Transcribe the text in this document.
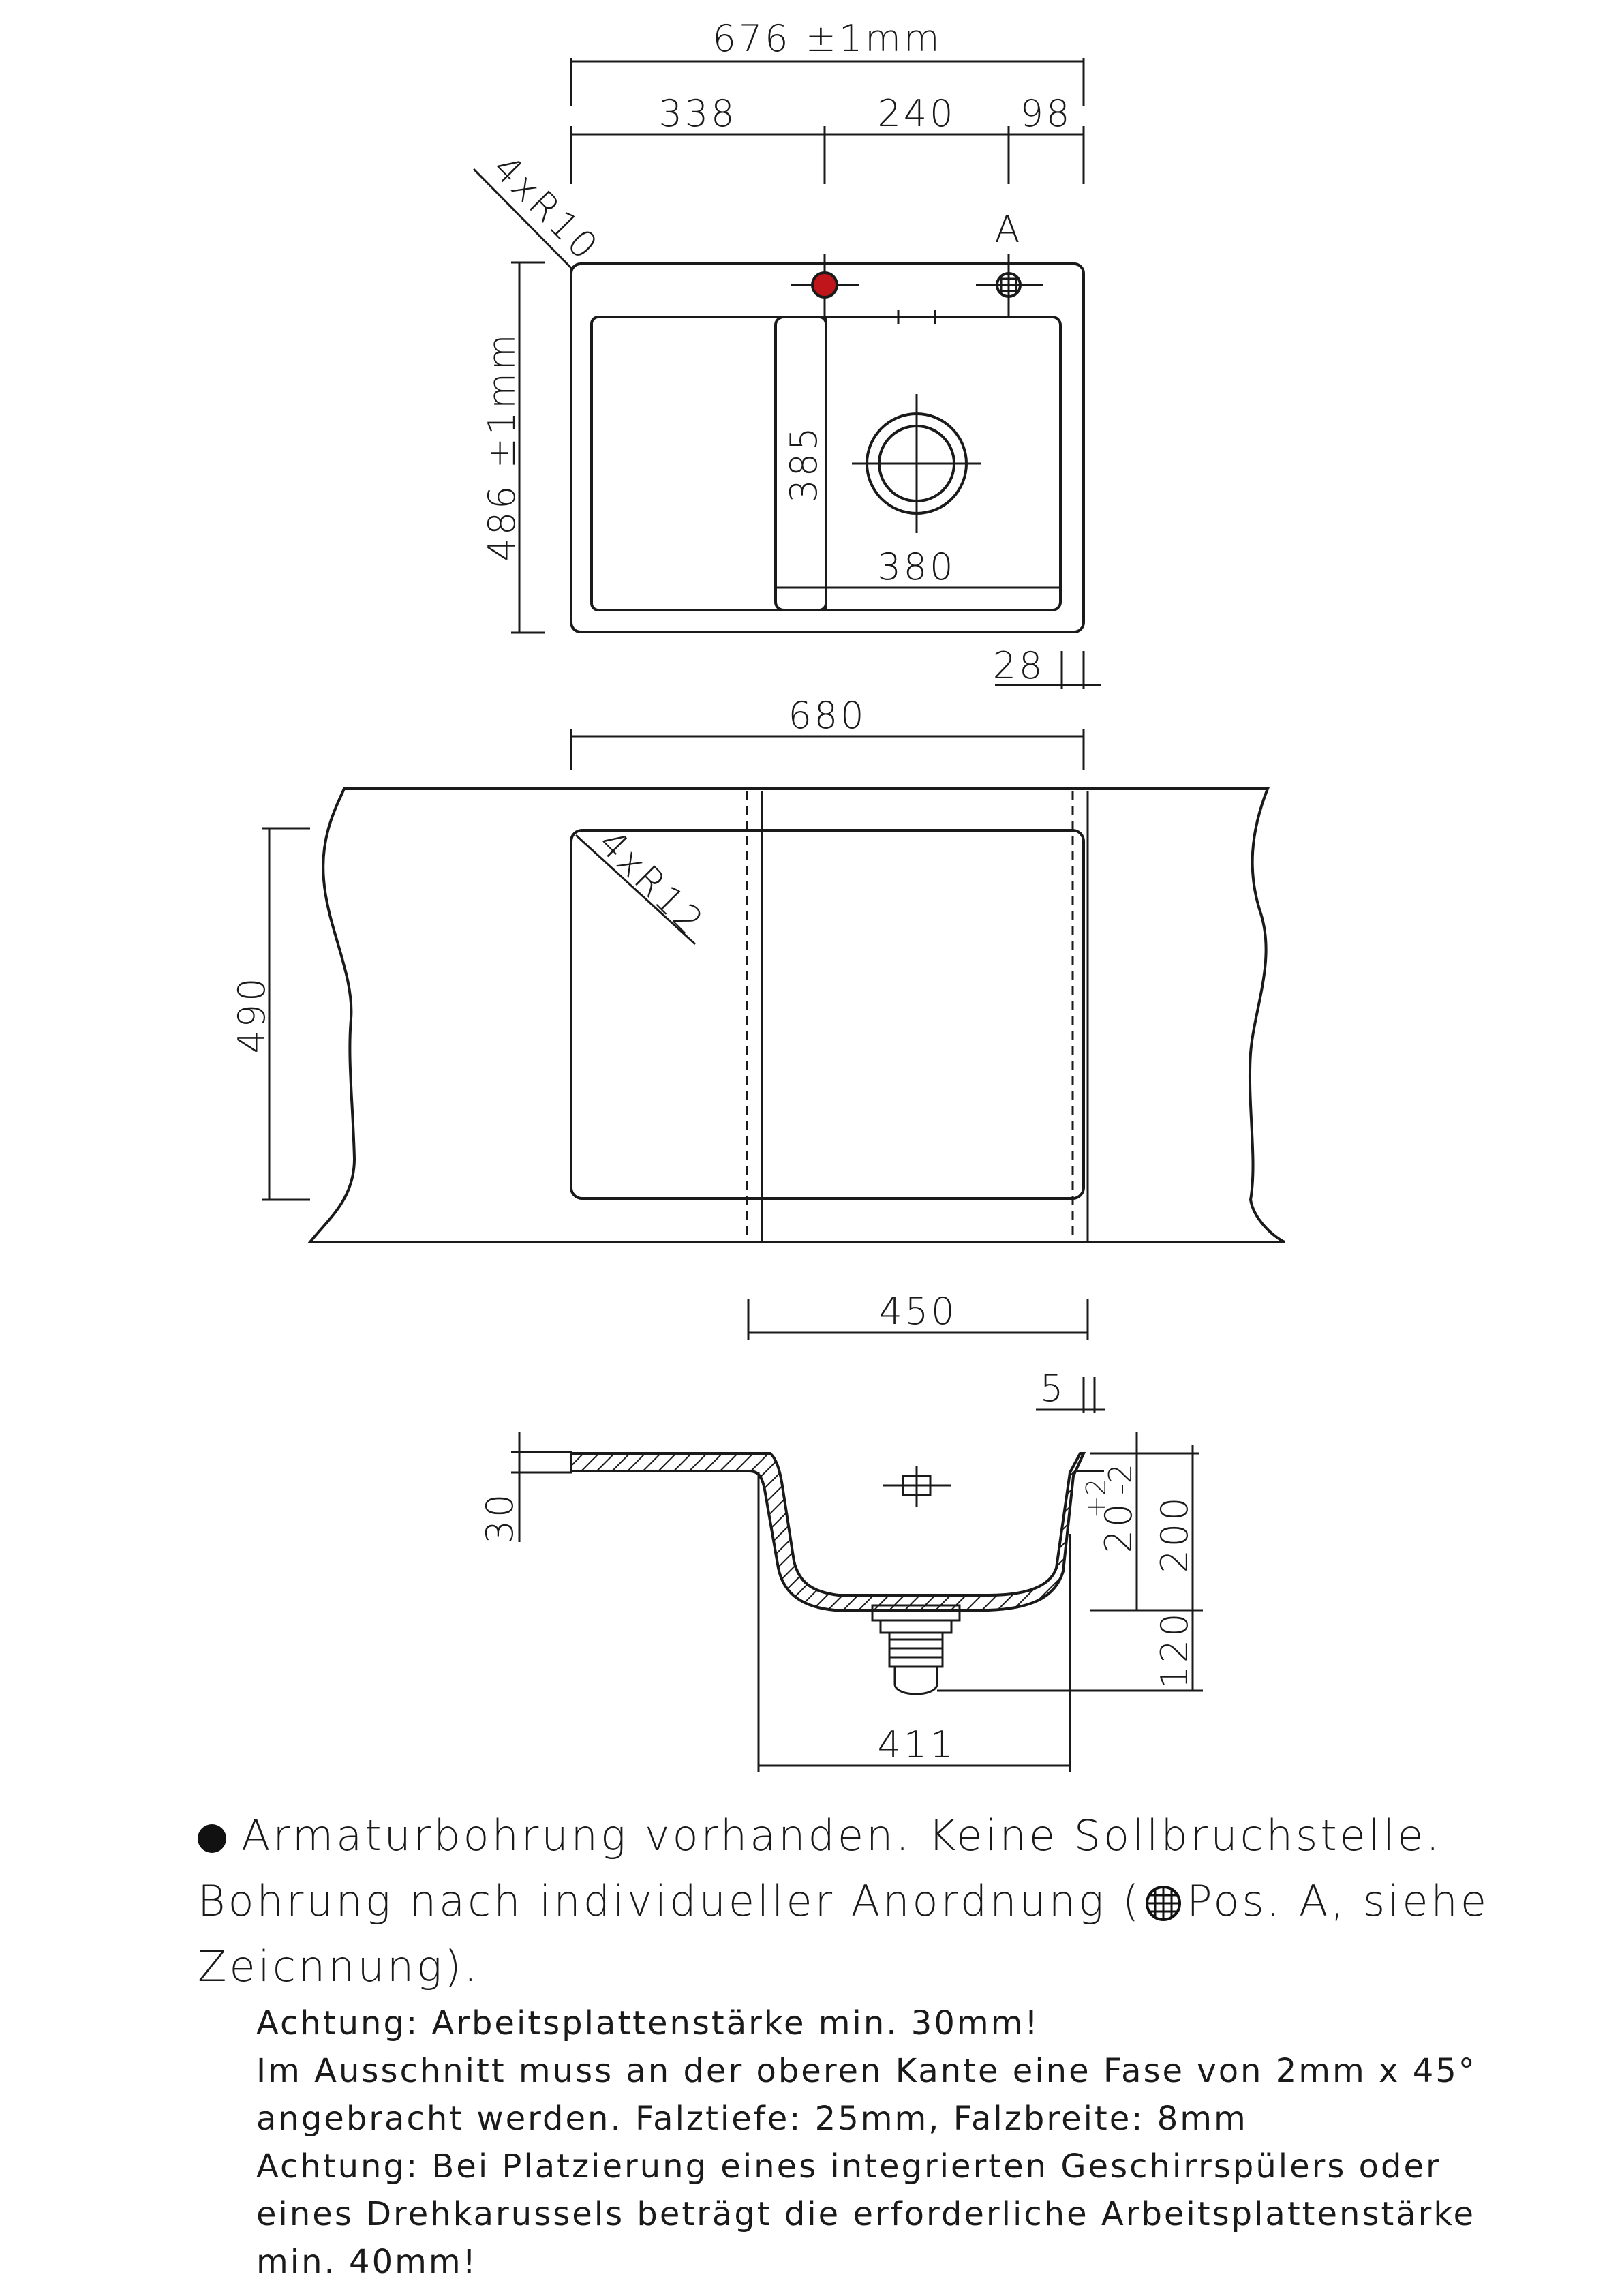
676 ±1mm
338	240 98
4xR10	A
486 ±1mm	385
380
28
680
490
4xR12
450
5
30
411
20
+2
-2
200
120
Armaturbohrung vorhanden. Keine Sollbruchstelle.
Bohrung nach individueller Anordnung ( Pos. A, siehe
Zeicnnung).
Achtung: Arbeitsplattenstärke min. 30mm!
Im Ausschnitt muss an der oberen Kante eine Fase von 2mm x 45°
angebracht werden. Falztiefe: 25mm, Falzbreite: 8mm
Achtung: Bei Platzierung eines integrierten Geschirrspülers oder
eines Drehkarussels beträgt die erforderliche Arbeitsplattenstärke
min. 40mm!
